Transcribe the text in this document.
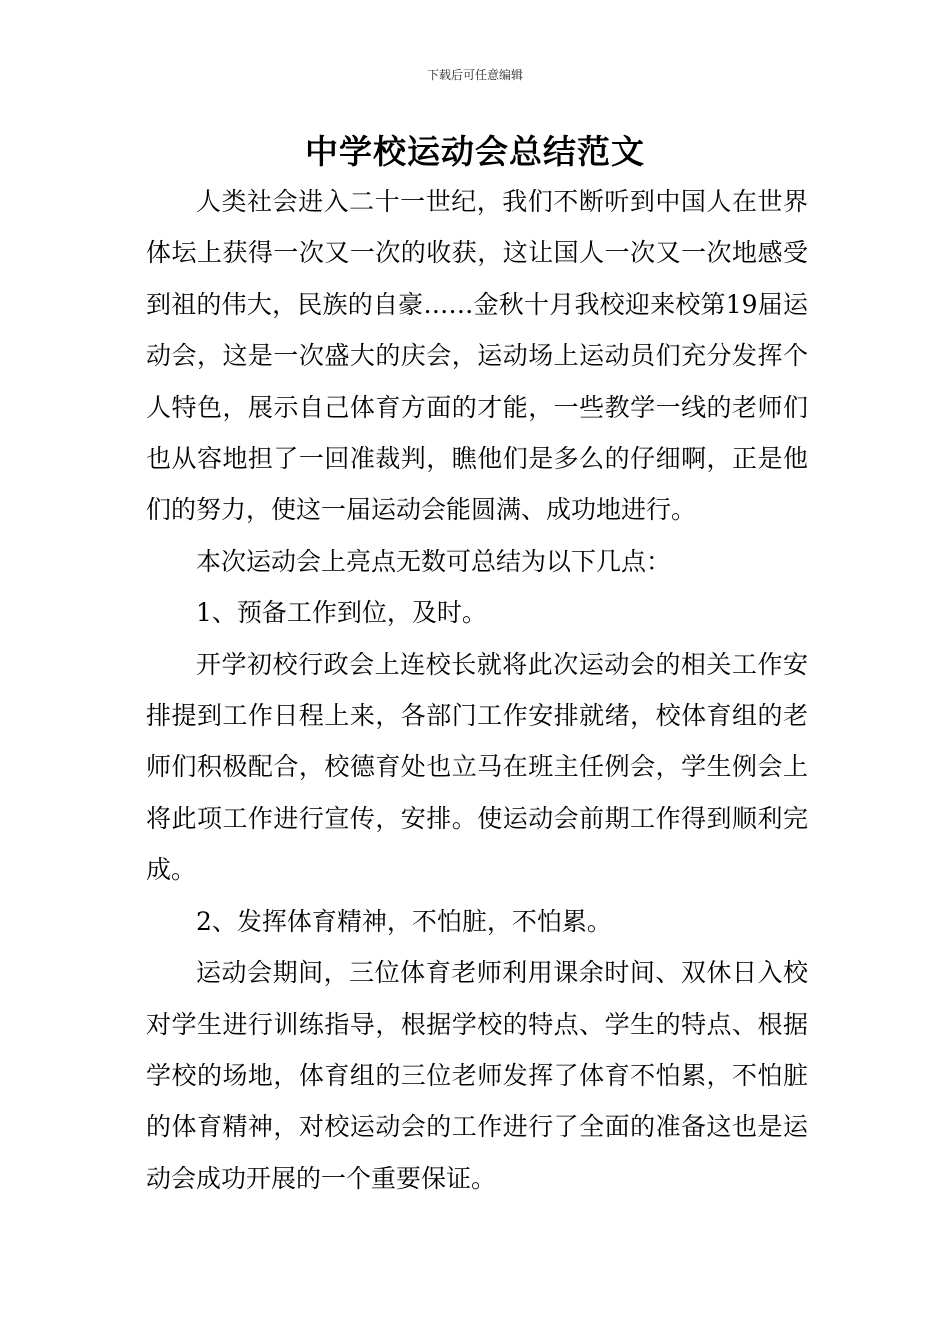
下载后可任意编辑
中学校运动会总结范文

人类社会进入二十一世纪，我们不断听到中国人在世界体坛上获得一次又一次的收获，这让国人一次又一次地感受到祖的伟大，民族的自豪……金秋十月我校迎来校第19届运动会，这是一次盛大的庆会，运动场上运动员们充分发挥个人特色，展示自己体育方面的才能，一些教学一线的老师们也从容地担了一回准裁判，瞧他们是多么的仔细啊，正是他们的努力，使这一届运动会能圆满、成功地进行。

本次运动会上亮点无数可总结为以下几点：

1、预备工作到位，及时。

开学初校行政会上连校长就将此次运动会的相关工作安排提到工作日程上来，各部门工作安排就绪，校体育组的老师们积极配合，校德育处也立马在班主任例会，学生例会上将此项工作进行宣传，安排。使运动会前期工作得到顺利完成。

2、发挥体育精神，不怕脏，不怕累。

运动会期间，三位体育老师利用课余时间、双休日入校对学生进行训练指导，根据学校的特点、学生的特点、根据学校的场地，体育组的三位老师发挥了体育不怕累，不怕脏的体育精神，对校运动会的工作进行了全面的准备这也是运动会成功开展的一个重要保证。
